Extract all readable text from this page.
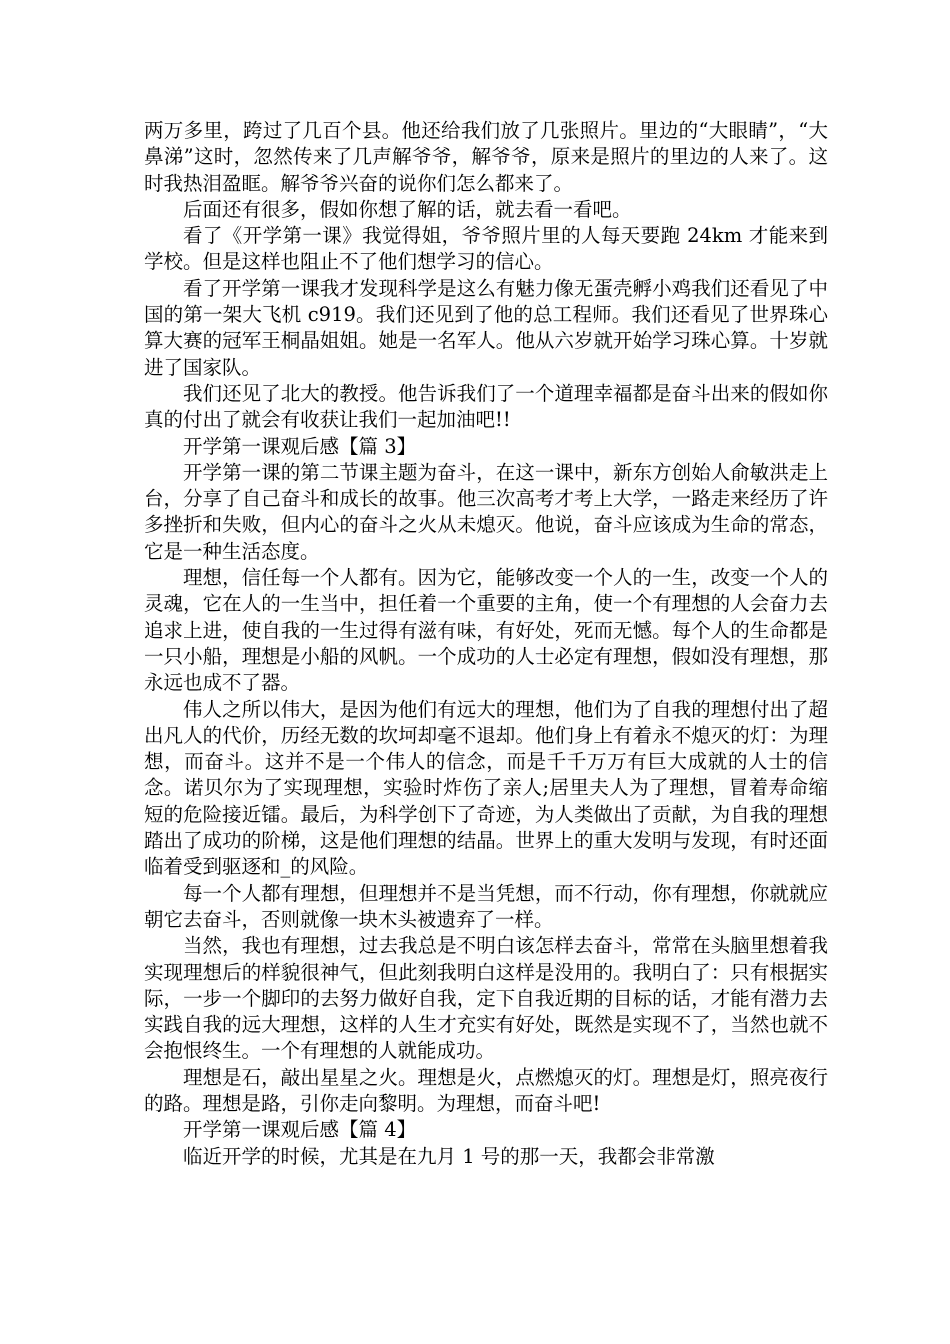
两万多里，跨过了几百个县。他还给我们放了几张照片。里边的“大眼睛”，“大鼻涕”这时，忽然传来了几声解爷爷，解爷爷，原来是照片的里边的人来了。这时我热泪盈眶。解爷爷兴奋的说你们怎么都来了。

后面还有很多，假如你想了解的话，就去看一看吧。

看了《开学第一课》我觉得姐，爷爷照片里的人每天要跑 24km 才能来到学校。但是这样也阻止不了他们想学习的信心。

看了开学第一课我才发现科学是这么有魅力像无蛋壳孵小鸡我们还看见了中国的第一架大飞机 c919。我们还见到了他的总工程师。我们还看见了世界珠心算大赛的冠军王桐晶姐姐。她是一名军人。他从六岁就开始学习珠心算。十岁就进了国家队。

我们还见了北大的教授。他告诉我们了一个道理幸福都是奋斗出来的假如你真的付出了就会有收获让我们一起加油吧!!

开学第一课观后感【篇 3】

开学第一课的第二节课主题为奋斗，在这一课中，新东方创始人俞敏洪走上台，分享了自己奋斗和成长的故事。他三次高考才考上大学，一路走来经历了许多挫折和失败，但内心的奋斗之火从未熄灭。他说，奋斗应该成为生命的常态，它是一种生活态度。

理想，信任每一个人都有。因为它，能够改变一个人的一生，改变一个人的灵魂，它在人的一生当中，担任着一个重要的主角，使一个有理想的人会奋力去追求上进，使自我的一生过得有滋有味，有好处，死而无憾。每个人的生命都是一只小船，理想是小船的风帆。一个成功的人士必定有理想，假如没有理想，那永远也成不了器。

伟人之所以伟大，是因为他们有远大的理想，他们为了自我的理想付出了超出凡人的代价，历经无数的坎坷却毫不退却。他们身上有着永不熄灭的灯：为理想，而奋斗。这并不是一个伟人的信念，而是千千万万有巨大成就的人士的信念。诺贝尔为了实现理想，实验时炸伤了亲人;居里夫人为了理想，冒着寿命缩短的危险接近镭。最后，为科学创下了奇迹，为人类做出了贡献，为自我的理想踏出了成功的阶梯，这是他们理想的结晶。世界上的重大发明与发现，有时还面临着受到驱逐和_的风险。

每一个人都有理想，但理想并不是当凭想，而不行动，你有理想，你就就应朝它去奋斗，否则就像一块木头被遗弃了一样。

当然，我也有理想，过去我总是不明白该怎样去奋斗，常常在头脑里想着我实现理想后的样貌很神气，但此刻我明白这样是没用的。我明白了：只有根据实际，一步一个脚印的去努力做好自我，定下自我近期的目标的话，才能有潜力去实践自我的远大理想，这样的人生才充实有好处，既然是实现不了，当然也就不会抱恨终生。一个有理想的人就能成功。

理想是石，敲出星星之火。理想是火，点燃熄灭的灯。理想是灯，照亮夜行的路。理想是路，引你走向黎明。为理想，而奋斗吧!

开学第一课观后感【篇 4】

临近开学的时候，尤其是在九月 1 号的那一天，我都会非常激
